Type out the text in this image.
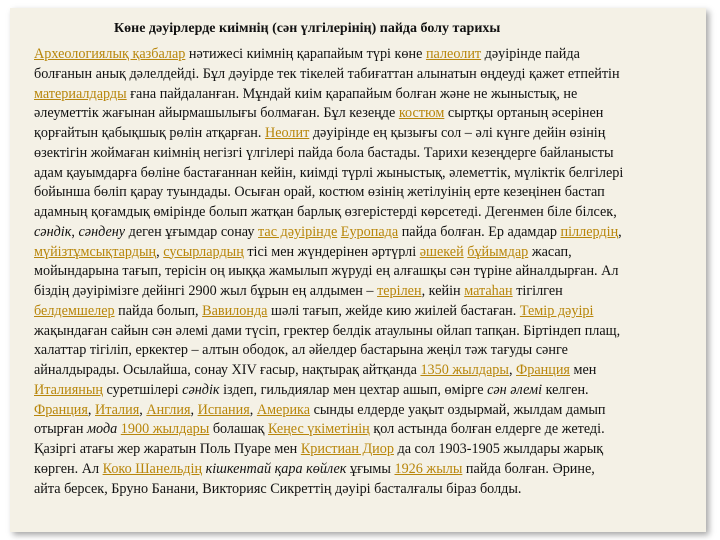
Көне дәуірлерде киімнің (сән үлгілерінің) пайда болу тарихы
Археологиялық қазбалар нәтижесі киімнің қарапайым түрі көне палеолит дәуірінде пайда
болғанын анық дәлелдейді. Бұл дәуірде тек тікелей табиғаттан алынатын өңдеуді қажет етпейтін
материалдарды ғана пайдаланған. Мұндай киім қарапайым болған және не жыныстық, не
әлеуметтік жағынан айырмашылығы болмаған. Бұл кезеңде костюм сыртқы ортаның әсерінен
қорғайтын қабықшық рөлін атқарған. Неолит дәуірінде ең қызығы сол – әлі күнге дейін өзінің
өзектігін жоймаған киімнің негізгі үлгілері пайда бола бастады. Тарихи кезеңдерге байланысты
адам қауымдарға бөліне бастағаннан кейін, киімді түрлі жыныстық, әлеметтік, мүліктік белгілері
бойынша бөліп қарау туындады. Осыған орай, костюм өзінің жетілуінің ерте кезеңінен бастап
адамның қоғамдық өмірінде болып жатқан барлық өзгерістерді көрсетеді. Дегенмен біле білсек,
сәндік, сәндену деген ұғымдар сонау тас дәуірінде Еуропада пайда болған. Ер адамдар піллердің,
мүйізтұмсықтардың, сусырлардың тісі мен жүндерінен әртүрлі әшекей бұйымдар жасап,
мойындарына тағып, терісін оң иыққа жамылып жүруді ең алғашқы сән түріне айналдырған. Ал
біздің дәуірімізге дейінгі 2900 жыл бұрын ең алдымен – терілен, кейін матаһан тігілген
белдемшелер пайда болып, Вавилонда шәлі тағып, жейде кию жиілей бастаған. Темір дәуірі
жақындаған сайын сән әлемі дами түсіп, гректер белдік атаулыны ойлап тапқан. Біртіндеп плащ,
халаттар тігіліп, еркектер – алтын ободок, ал әйелдер бастарына жеңіл тәж тағуды сәнге
айналдырады. Осылайша, сонау XIV ғасыр, нақтырақ айтқанда 1350 жылдары, Франция мен
Италияның суретшілері сәндік іздеп, гильдиялар мен цехтар ашып, өмірге сән әлемі келген.
Франция, Италия, Англия, Испания, Америка сынды елдерде уақыт оздырмай, жылдам дамып
отырған мода 1900 жылдары болашақ Кеңес үкіметінің қол астында болған елдерге де жетеді.
Қазіргі атағы жер жаратын Поль Пуаре мен Кристиан Диор да сол 1903-1905 жылдары жарық
көрген. Ал Коко Шанельдің кішкентай қара көйлек ұғымы 1926 жылы пайда болған. Әрине,
айта берсек, Бруно Банани, Викторияс Сикреттің дәуірі басталғалы біраз болды.
